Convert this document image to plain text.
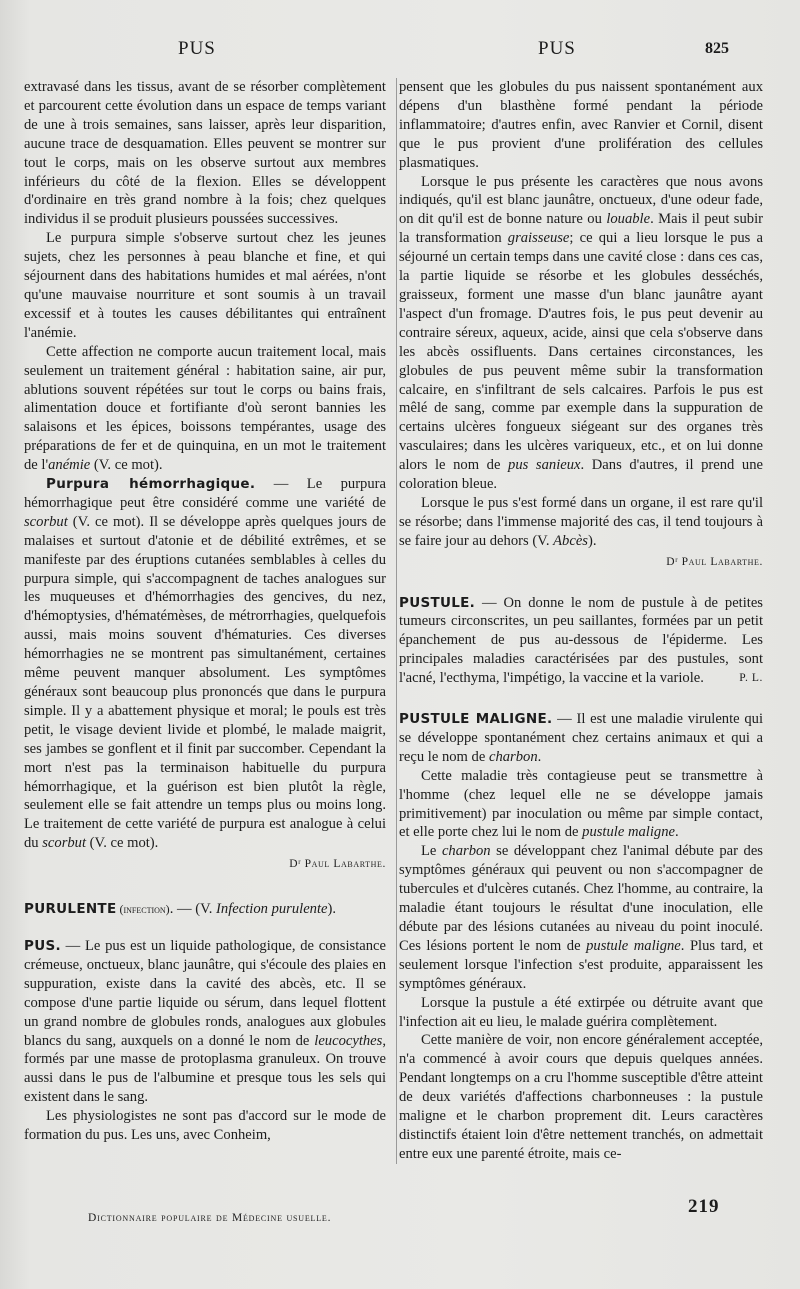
PUS	PUS	825

extravasé dans les tissus, avant de se résorber complètement et parcourent cette évolution dans un espace de temps variant de une à trois semaines, sans laisser, après leur disparition, aucune trace de desquamation. Elles peuvent se montrer sur tout le corps, mais on les observe surtout aux membres inférieurs du côté de la flexion. Elles se développent d'ordinaire en très grand nombre à la fois; chez quelques individus il se produit plusieurs poussées successives.

Le purpura simple s'observe surtout chez les jeunes sujets, chez les personnes à peau blanche et fine, et qui séjournent dans des habitations humides et mal aérées, n'ont qu'une mauvaise nourriture et sont soumis à un travail excessif et à toutes les causes débilitantes qui entraînent l'anémie.

Cette affection ne comporte aucun traitement local, mais seulement un traitement général : habitation saine, air pur, ablutions souvent répétées sur tout le corps ou bains frais, alimentation douce et fortifiante d'où seront bannies les salaisons et les épices, boissons tempérantes, usage des préparations de fer et de quinquina, en un mot le traitement de l'anémie (V. ce mot).

Purpura hémorrhagique. — Le purpura hémorrhagique peut être considéré comme une variété de scorbut (V. ce mot). Il se développe après quelques jours de malaises et surtout d'atonie et de débilité extrêmes, et se manifeste par des éruptions cutanées semblables à celles du purpura simple, qui s'accompagnent de taches analogues sur les muqueuses et d'hémorrhagies des gencives, du nez, d'hémoptysies, d'hématémèses, de métrorrhagies, quelquefois aussi, mais moins souvent d'hématuries. Ces diverses hémorrhagies ne se montrent pas simultanément, certaines même peuvent manquer absolument. Les symptômes généraux sont beaucoup plus prononcés que dans le purpura simple. Il y a abattement physique et moral; le pouls est très petit, le visage devient livide et plombé, le malade maigrit, ses jambes se gonflent et il finit par succomber. Cependant la mort n'est pas la terminaison habituelle du purpura hémorrhagique, et la guérison est bien plutôt la règle, seulement elle se fait attendre un temps plus ou moins long. Le traitement de cette variété de purpura est analogue à celui du scorbut (V. ce mot).

Dʳ Paul Labarthe.

PURULENTE (infection). — (V. Infection purulente).

PUS. — Le pus est un liquide pathologique, de consistance crémeuse, onctueux, blanc jaunâtre, qui s'écoule des plaies en suppuration, existe dans la cavité des abcès, etc. Il se compose d'une partie liquide ou sérum, dans lequel flottent un grand nombre de globules ronds, analogues aux globules blancs du sang, auxquels on a donné le nom de leucocythes, formés par une masse de protoplasma granuleux. On trouve aussi dans le pus de l'albumine et presque tous les sels qui existent dans le sang.

Les physiologistes ne sont pas d'accord sur le mode de formation du pus. Les uns, avec Conheim,

pensent que les globules du pus naissent spontanément aux dépens d'un blasthène formé pendant la période inflammatoire; d'autres enfin, avec Ranvier et Cornil, disent que le pus provient d'une prolifération des cellules plasmatiques.

Lorsque le pus présente les caractères que nous avons indiqués, qu'il est blanc jaunâtre, onctueux, d'une odeur fade, on dit qu'il est de bonne nature ou louable. Mais il peut subir la transformation graisseuse; ce qui a lieu lorsque le pus a séjourné un certain temps dans une cavité close : dans ces cas, la partie liquide se résorbe et les globules desséchés, graisseux, forment une masse d'un blanc jaunâtre ayant l'aspect d'un fromage. D'autres fois, le pus peut devenir au contraire séreux, aqueux, acide, ainsi que cela s'observe dans les abcès ossifluents. Dans certaines circonstances, les globules de pus peuvent même subir la transformation calcaire, en s'infiltrant de sels calcaires. Parfois le pus est mêlé de sang, comme par exemple dans la suppuration de certains ulcères fongueux siégeant sur des organes très vasculaires; dans les ulcères variqueux, etc., et on lui donne alors le nom de pus sanieux. Dans d'autres, il prend une coloration bleue.

Lorsque le pus s'est formé dans un organe, il est rare qu'il se résorbe; dans l'immense majorité des cas, il tend toujours à se faire jour au dehors (V. Abcès).

Dʳ Paul Labarthe.

PUSTULE. — On donne le nom de pustule à de petites tumeurs circonscrites, un peu saillantes, formées par un petit épanchement de pus au-dessous de l'épiderme. Les principales maladies caractérisées par des pustules, sont l'acné, l'ecthyma, l'impétigo, la vaccine et la variole.	P. L.

PUSTULE MALIGNE. — Il est une maladie virulente qui se développe spontanément chez certains animaux et qui a reçu le nom de charbon.

Cette maladie très contagieuse peut se transmettre à l'homme (chez lequel elle ne se développe jamais primitivement) par inoculation ou même par simple contact, et elle porte chez lui le nom de pustule maligne.

Le charbon se développant chez l'animal débute par des symptômes généraux qui peuvent ou non s'accompagner de tubercules et d'ulcères cutanés. Chez l'homme, au contraire, la maladie étant toujours le résultat d'une inoculation, elle débute par des lésions cutanées au niveau du point inoculé. Ces lésions portent le nom de pustule maligne. Plus tard, et seulement lorsque l'infection s'est produite, apparaissent les symptômes généraux.

Lorsque la pustule a été extirpée ou détruite avant que l'infection ait eu lieu, le malade guérira complètement.

Cette manière de voir, non encore généralement acceptée, n'a commencé à avoir cours que depuis quelques années. Pendant longtemps on a cru l'homme susceptible d'être atteint de deux variétés d'affections charbonneuses : la pustule maligne et le charbon proprement dit. Leurs caractères distinctifs étaient loin d'être nettement tranchés, on admettait entre eux une parenté étroite, mais ce-

Dictionnaire populaire de Médecine usuelle.
219
